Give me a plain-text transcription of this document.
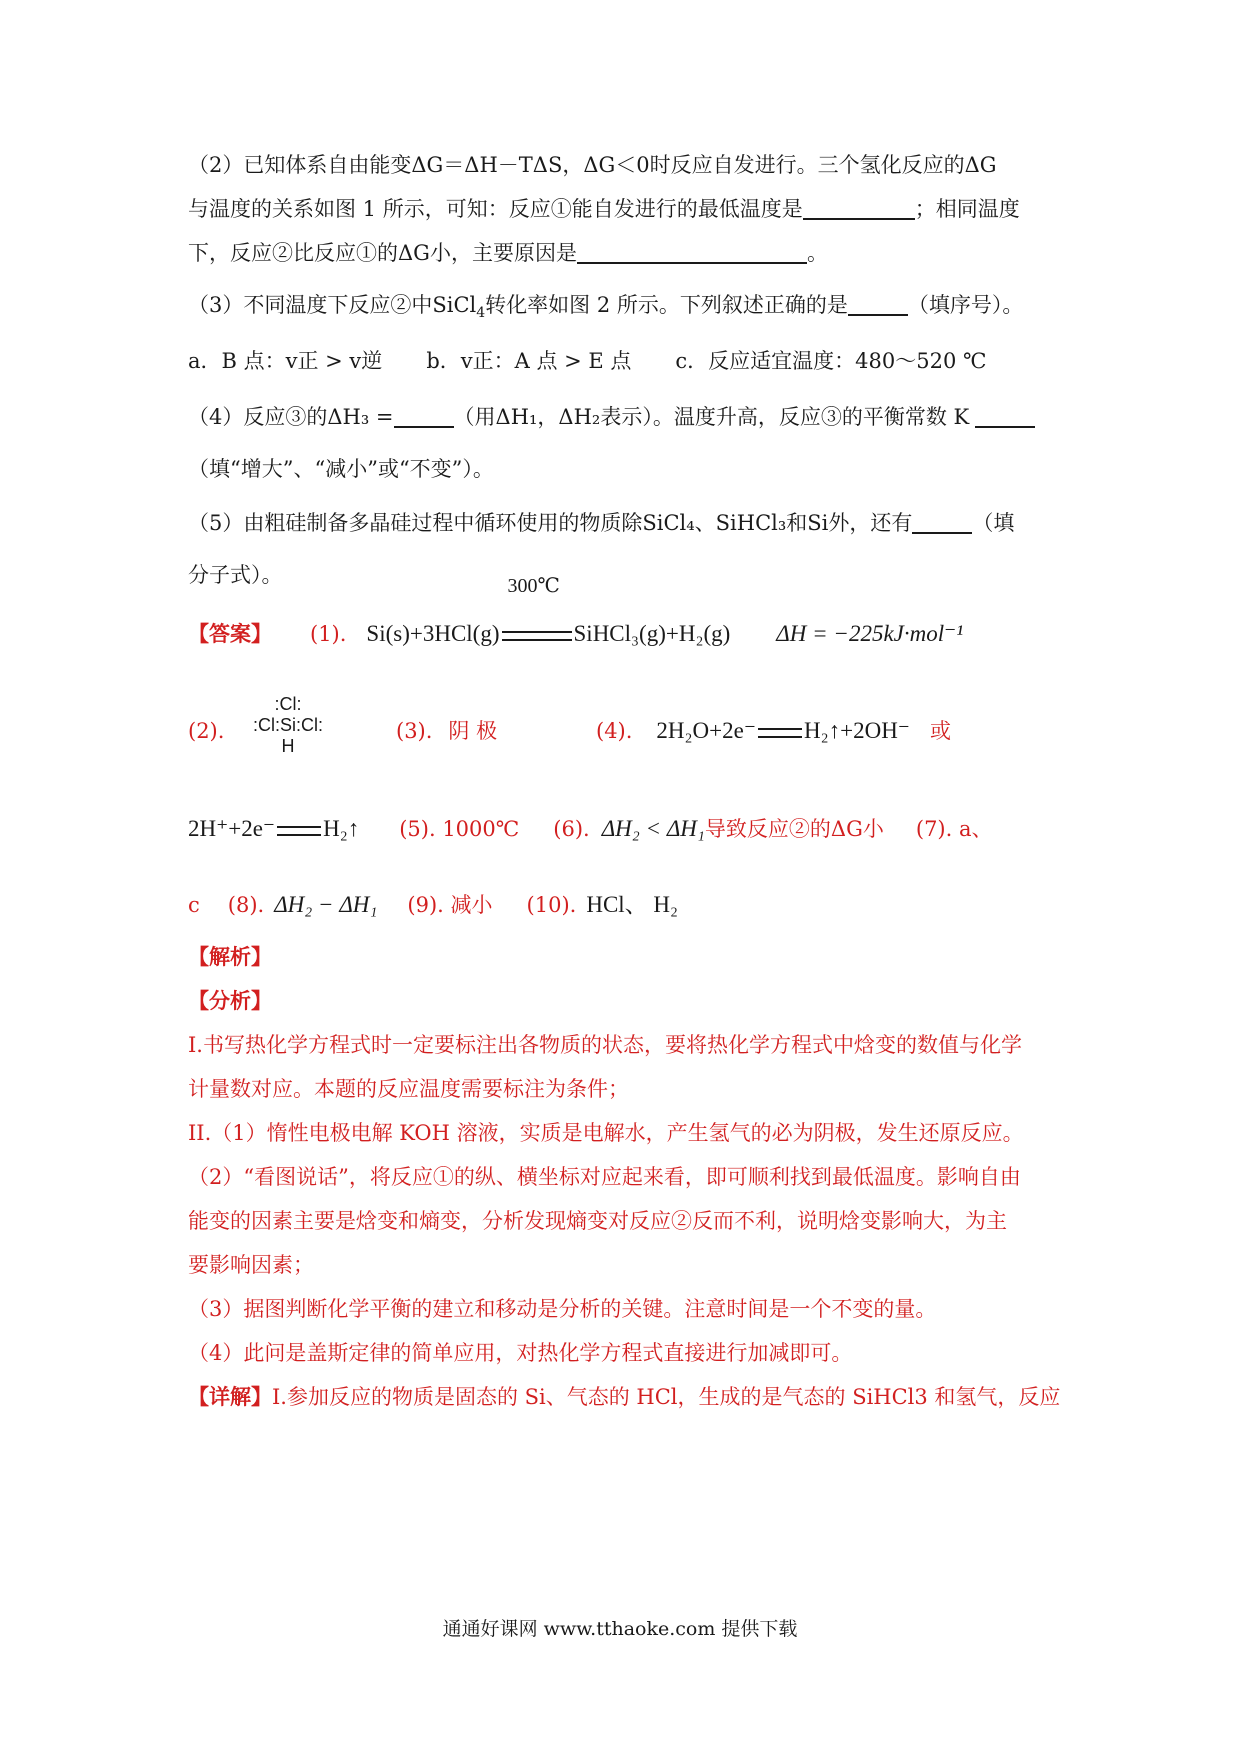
（2）已知体系自由能变ΔG＝ΔH－TΔS，ΔG＜0时反应自发进行。三个氢化反应的ΔG
与温度的关系如图 1 所示，可知：反应①能自发进行的最低温度是	；相同温度
下，反应②比反应①的ΔG小，主要原因是	。
（3）不同温度下反应②中SiCl$_4$转化率如图 2 所示。下列叙述正确的是	（填序号）。
a．B 点：v正 > v逆 b．v正：A 点 > E 点 c．反应适宜温度：480～520 ℃
（4）反应③的ΔH₃ =	（用ΔH₁，ΔH₂表示）。温度升高，反应③的平衡常数 K
（填“增大”、“减小”或“不变”）。
（5）由粗硅制备多晶硅过程中循环使用的物质除SiCl₄、SiHCl₃和Si外，还有	（填
分子式）。
【答案】 (1). Si(s)+3HCl(g)
300℃
SiHCl₃(g)+H₂(g) ΔH = −225kJ·mol⁻¹
(2).
:Cl:
:Cl:Si:Cl:
H
(3). 阴 极	(4). 2H₂O+2e⁻ H₂↑+2OH⁻ 或
2H⁺+2e⁻ H₂↑ (5). 1000℃ (6). ΔH₂ < ΔH₁导致反应②的ΔG小 (7). a、
c (8). ΔH₂ − ΔH₁ (9). 减小 (10). HCl、 H₂
【解析】
【分析】
I.书写热化学方程式时一定要标注出各物质的状态，要将热化学方程式中焓变的数值与化学
计量数对应。本题的反应温度需要标注为条件；
II.（1）惰性电极电解 KOH 溶液，实质是电解水，产生氢气的必为阴极，发生还原反应。
（2）“看图说话”，将反应①的纵、横坐标对应起来看，即可顺利找到最低温度。影响自由
能变的因素主要是焓变和熵变，分析发现熵变对反应②反而不利，说明焓变影响大，为主
要影响因素；
（3）据图判断化学平衡的建立和移动是分析的关键。注意时间是一个不变的量。
（4）此问是盖斯定律的简单应用，对热化学方程式直接进行加减即可。
【详解】I.参加反应的物质是固态的 Si、气态的 HCl，生成的是气态的 SiHCl3 和氢气，反应
通通好课网 www.tthaoke.com 提供下载
